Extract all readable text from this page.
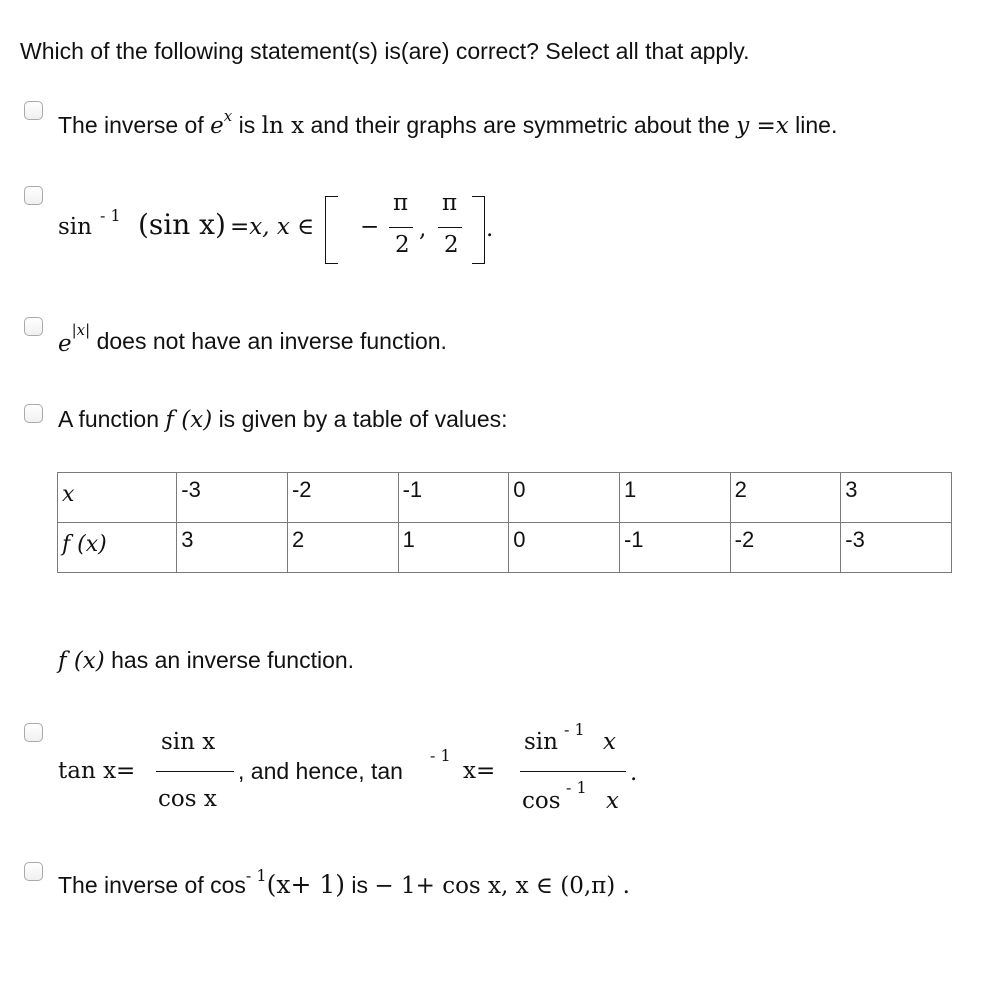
Which of the following statement(s) is(are) correct? Select all that apply.
The inverse of $e^x$ is ln x and their graphs are symmetric about the y =x line.
sin - 1 (sin x) =x, x ∈ −
π
2
,
π
2
.
$e^{|x|}$ does not have an inverse function.
A function f (x) is given by a table of values:
x	-3	-2	-1	0	1	2	3
f (x)	3	2	1	0	-1	-2	-3
f (x) has an inverse function.
tan x=
sin x
cos x
, and hence, tan
- 1
x=
sin - 1 x
cos
- 1
x
.
The inverse of $\cos^{- 1}(x+ 1)$ is − 1+ cos x, x ∈ (0,π) .
